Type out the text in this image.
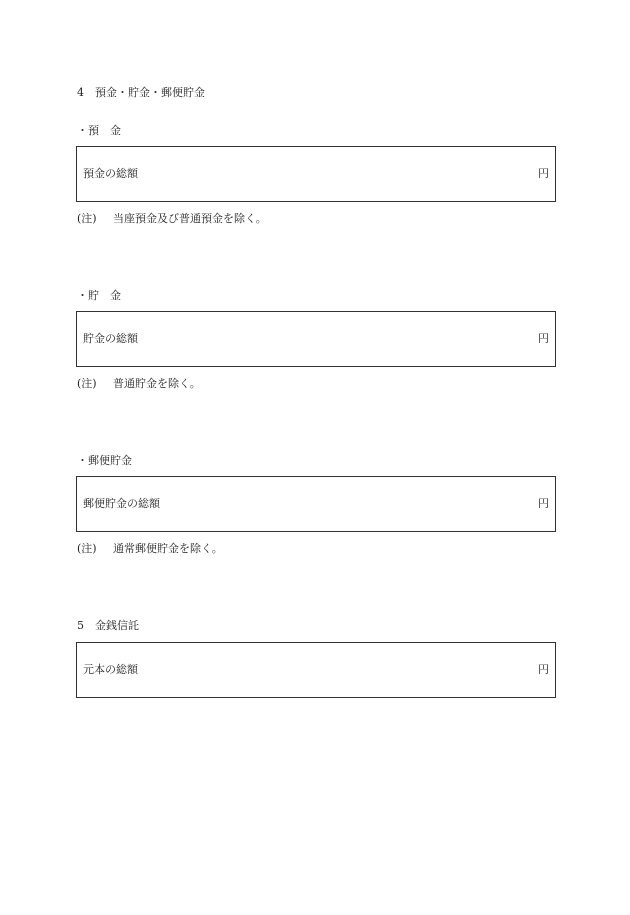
4　預金・貯金・郵便貯金
・預　金
預金の総額	円
(注) 当座預金及び普通預金を除く。
・貯　金
貯金の総額	円
(注) 普通貯金を除く。
・郵便貯金
郵便貯金の総額	円
(注) 通常郵便貯金を除く。
5　金銭信託
元本の総額	円
